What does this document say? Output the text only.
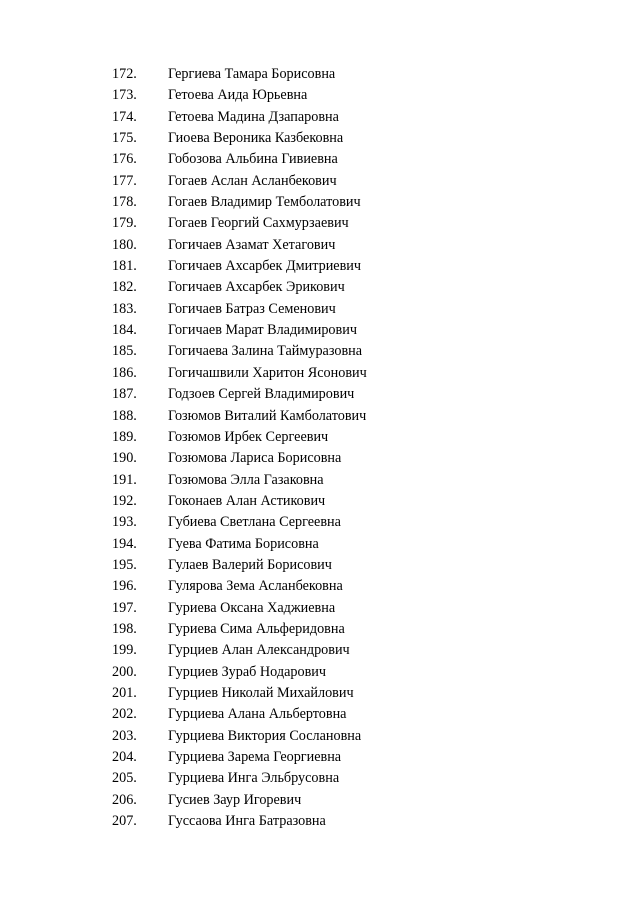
172. Гергиева Тамара Борисовна
173. Гетоева Аида Юрьевна
174. Гетоева Мадина Дзапаровна
175. Гиоева Вероника Казбековна
176. Гобозова Альбина Гивиевна
177. Гогаев Аслан Асланбекович
178. Гогаев Владимир Темболатович
179. Гогаев Георгий Сахмурзаевич
180. Гогичаев Азамат Хетагович
181. Гогичаев Ахсарбек Дмитриевич
182. Гогичаев Ахсарбек Эрикович
183. Гогичаев Батраз Семенович
184. Гогичаев Марат Владимирович
185. Гогичаева Залина Таймуразовна
186. Гогичашвили Харитон Ясонович
187. Годзоев Сергей Владимирович
188. Гозюмов Виталий Камболатович
189. Гозюмов Ирбек Сергеевич
190. Гозюмова Лариса Борисовна
191. Гозюмова Элла Газаковна
192. Гоконаев Алан Астикович
193. Губиева Светлана Сергеевна
194. Гуева Фатима Борисовна
195. Гулаев Валерий Борисович
196. Гулярова Зема Асланбековна
197. Гуриева Оксана Хаджиевна
198. Гуриева Сима Альферидовна
199. Гурциев Алан Александрович
200. Гурциев Зураб Нодарович
201. Гурциев Николай Михайлович
202. Гурциева Алана Альбертовна
203. Гурциева Виктория Сослановна
204. Гурциева Зарема Георгиевна
205. Гурциева Инга Эльбрусовна
206. Гусиев Заур Игоревич
207. Гуссаова Инга Батразовна
